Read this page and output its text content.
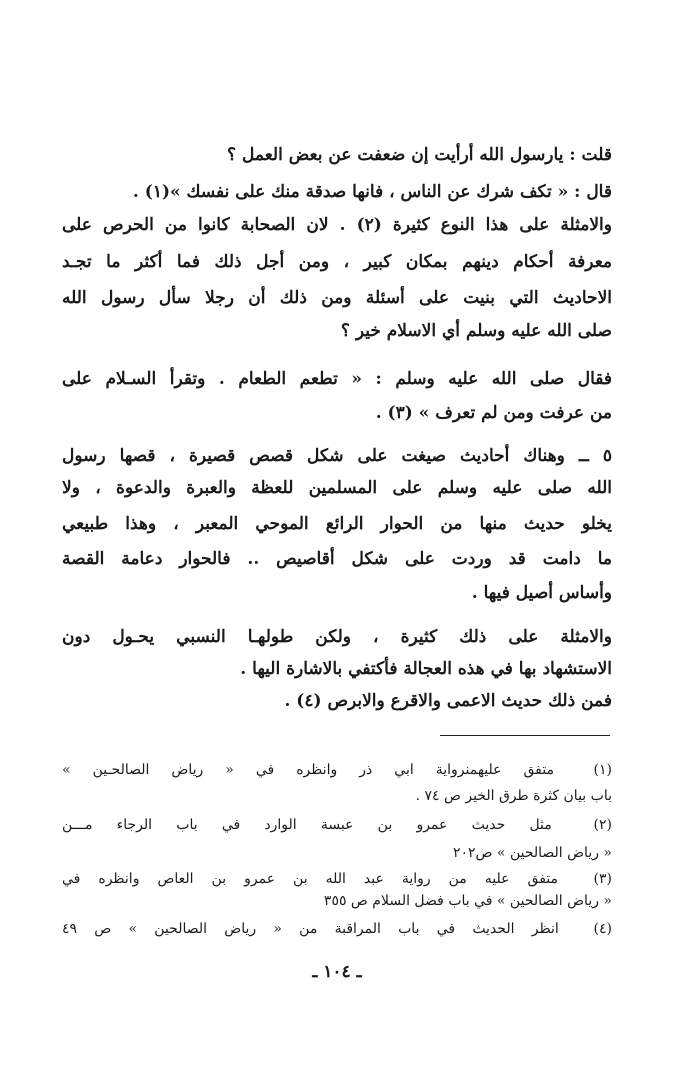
قلت : يارسول الله أرأيت إن ضعفت عن بعض العمل ؟
قال : « تكف شرك عن الناس ، فانها صدقة منك على نفسك »(١) .
والامثلة على هذا النوع كثيرة (٢) . لان الصحابة كانوا من الحرص على
معرفة أحكام دينهم بمكان كبير ، ومن أجل ذلك فما أكثر ما تجـد
الاحاديث التي بنيت على أسئلة ومن ذلك أن رجلا سأل رسول الله
صلى الله عليه وسلم أي الاسلام خير ؟
فقال صلى الله عليه وسلم : « تطعم الطعام . وتقرأ السـلام على
من عرفت ومن لم تعرف » (٣) .
٥ ــ وهناك أحاديث صيغت على شكل قصص قصيرة ، قصها رسول
الله صلى عليه وسلم على المسلمين للعظة والعبرة والدعوة ، ولا
يخلو حديث منها من الحوار الرائع الموحي المعبر ، وهذا طبيعي
ما دامت قد وردت على شكل أقاصيص .. فالحوار دعامة القصة
وأساس أصيل فيها .
والامثلة على ذلك كثيرة ، ولكن طولهـا النسبي يحـول دون
الاستشهاد بها في هذه العجالة فأكتفي بالاشارة اليها .
فمن ذلك حديث الاعمى والاقرع والابرص (٤) .
(١) متفق عليهمنرواية ابي ذر وانظره في « رياض الصالحـين »
باب بيان كثرة طرق الخير ص ٧٤ .
(٢) مثل حديث عمرو بن عبسة الوارد في باب الرجاء مـــن
« رياض الصالحين » ص٢٠٢
(٣) متفق عليه من رواية عبد الله بن عمرو بن العاص وانظره في
« رياض الصالحين » في باب فضل السلام ص ٣٥٥
(٤) انظر الحديث في باب المراقبة من « رياض الصالحين » ص ٤٩
ـ ١٠٤ ـ
